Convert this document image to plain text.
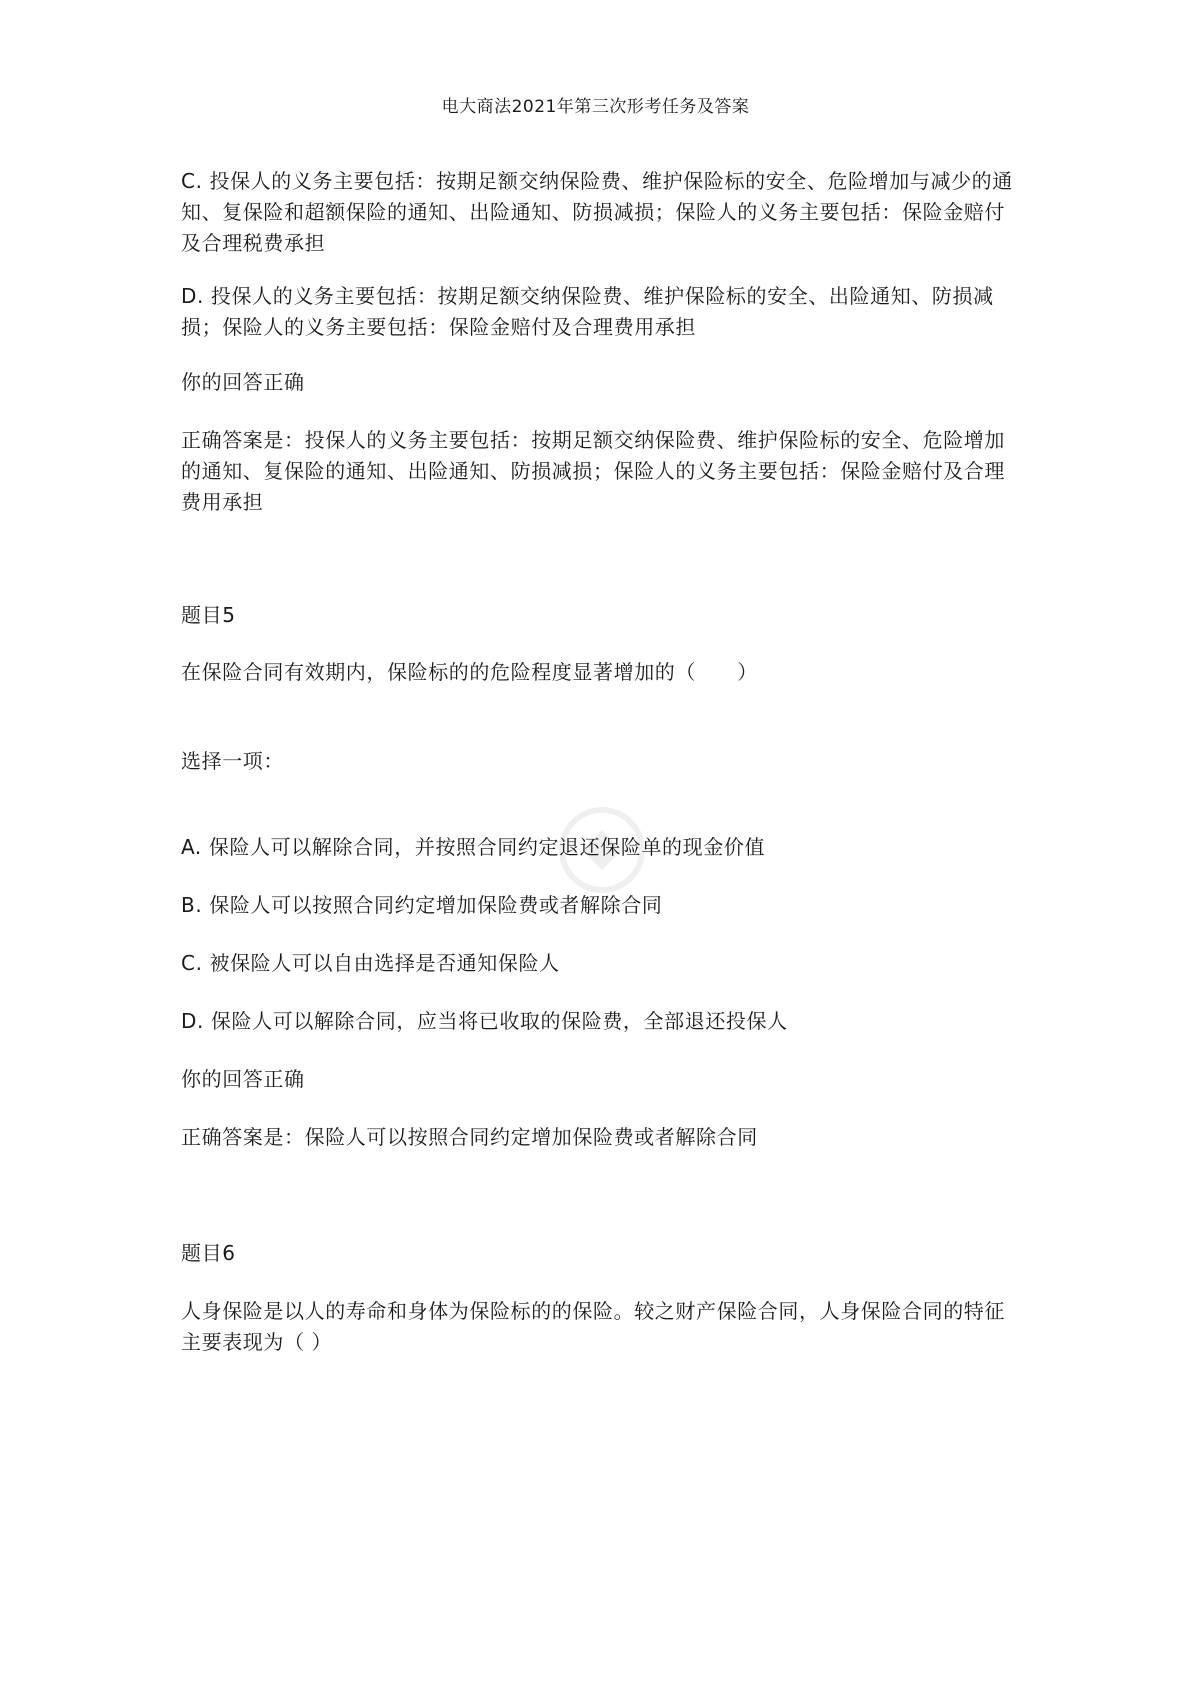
电大商法2021年第三次形考任务及答案
C. 投保人的义务主要包括：按期足额交纳保险费、维护保险标的安全、危险增加与减少的通知、复保险和超额保险的通知、出险通知、防损减损；保险人的义务主要包括：保险金赔付及合理税费承担
D. 投保人的义务主要包括：按期足额交纳保险费、维护保险标的安全、出险通知、防损减损；保险人的义务主要包括：保险金赔付及合理费用承担
你的回答正确
正确答案是：投保人的义务主要包括：按期足额交纳保险费、维护保险标的安全、危险增加的通知、复保险的通知、出险通知、防损减损；保险人的义务主要包括：保险金赔付及合理费用承担
题目5
在保险合同有效期内，保险标的的危险程度显著增加的（　　）
选择一项：
A. 保险人可以解除合同，并按照合同约定退还保险单的现金价值
B. 保险人可以按照合同约定增加保险费或者解除合同
C. 被保险人可以自由选择是否通知保险人
D. 保险人可以解除合同，应当将已收取的保险费，全部退还投保人
你的回答正确
正确答案是：保险人可以按照合同约定增加保险费或者解除合同
题目6
人身保险是以人的寿命和身体为保险标的的保险。较之财产保险合同，人身保险合同的特征主要表现为（ ）
